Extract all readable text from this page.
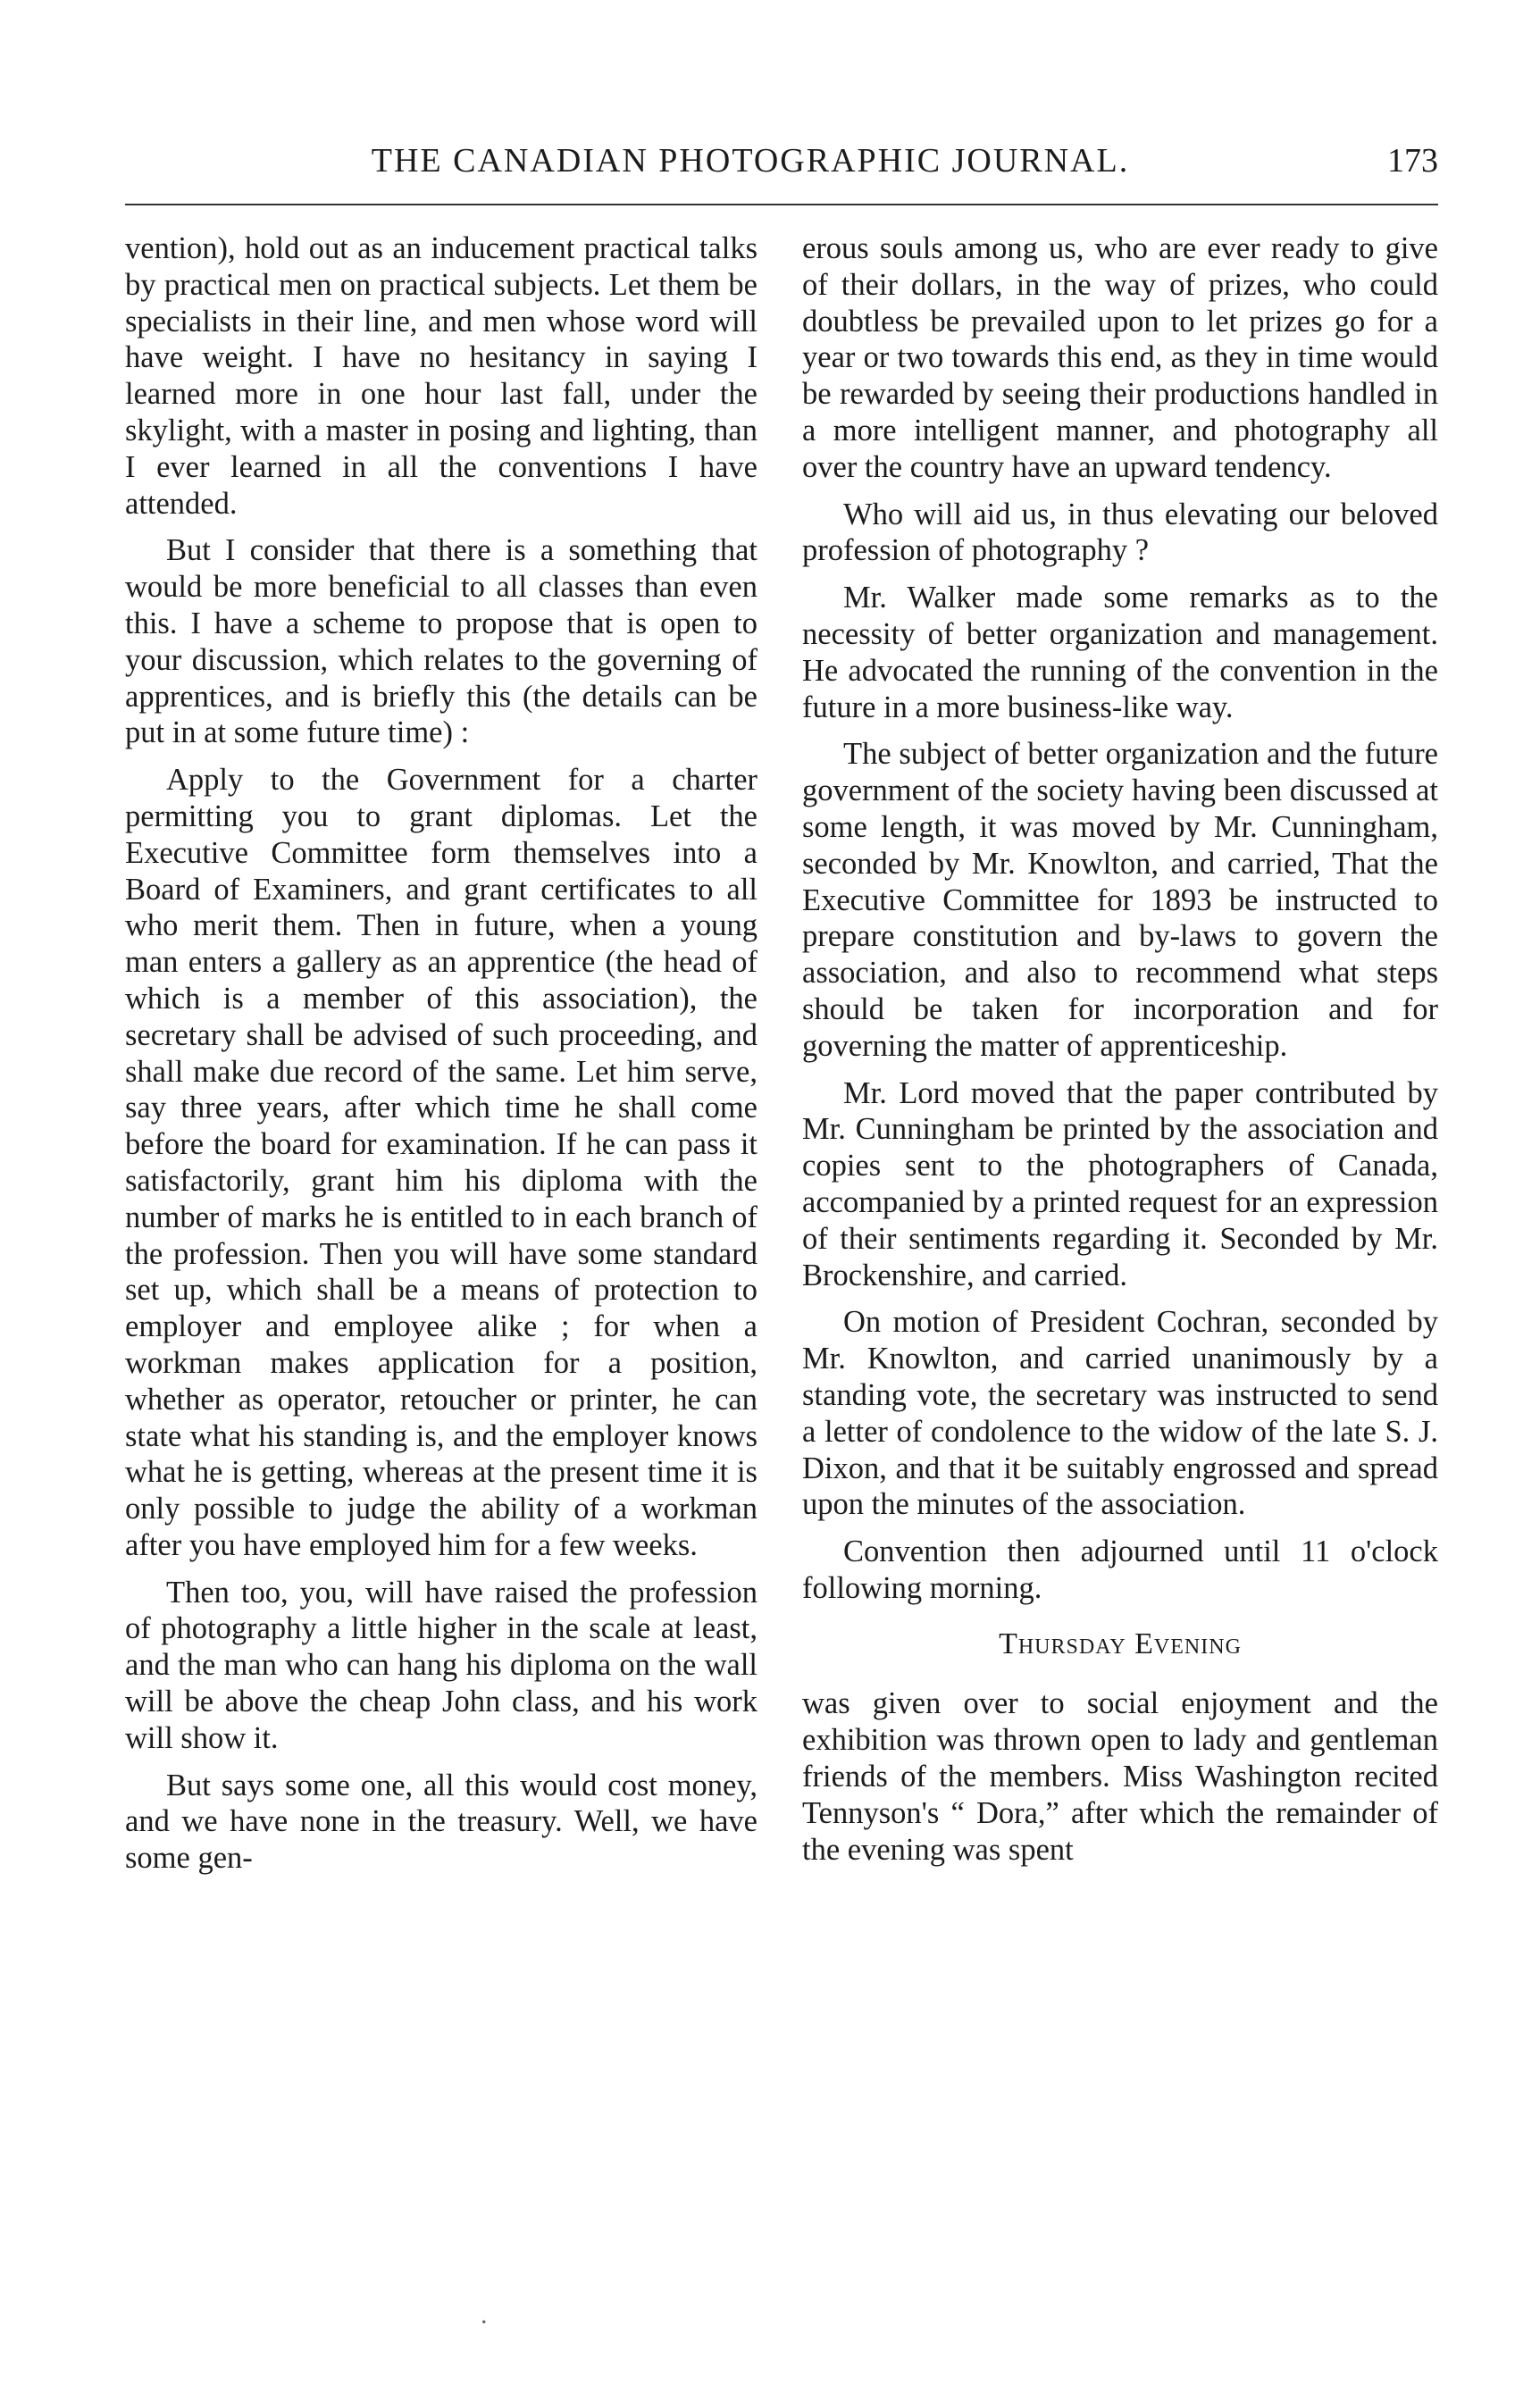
THE CANADIAN PHOTOGRAPHIC JOURNAL.	173

vention), hold out as an inducement practical talks by practical men on practical subjects. Let them be specialists in their line, and men whose word will have weight. I have no hesitancy in saying I learned more in one hour last fall, under the skylight, with a master in posing and lighting, than I ever learned in all the conventions I have attended.

But I consider that there is a something that would be more beneficial to all classes than even this. I have a scheme to propose that is open to your discussion, which relates to the governing of apprentices, and is briefly this (the details can be put in at some future time) :

Apply to the Government for a charter permitting you to grant diplomas. Let the Executive Committee form themselves into a Board of Examiners, and grant certificates to all who merit them. Then in future, when a young man enters a gallery as an apprentice (the head of which is a member of this association), the secretary shall be advised of such proceeding, and shall make due record of the same. Let him serve, say three years, after which time he shall come before the board for examination. If he can pass it satisfactorily, grant him his diploma with the number of marks he is entitled to in each branch of the profession. Then you will have some standard set up, which shall be a means of protection to employer and employee alike ; for when a workman makes application for a position, whether as operator, retoucher or printer, he can state what his standing is, and the employer knows what he is getting, whereas at the present time it is only possible to judge the ability of a workman after you have employed him for a few weeks.

Then too, you, will have raised the profession of photography a little higher in the scale at least, and the man who can hang his diploma on the wall will be above the cheap John class, and his work will show it.

But says some one, all this would cost money, and we have none in the treasury. Well, we have some gen-

erous souls among us, who are ever ready to give of their dollars, in the way of prizes, who could doubtless be prevailed upon to let prizes go for a year or two towards this end, as they in time would be rewarded by seeing their productions handled in a more intelligent manner, and photography all over the country have an upward tendency.

Who will aid us, in thus elevating our beloved profession of photography ?

Mr. Walker made some remarks as to the necessity of better organization and management. He advocated the running of the convention in the future in a more business-like way.

The subject of better organization and the future government of the society having been discussed at some length, it was moved by Mr. Cunningham, seconded by Mr. Knowlton, and carried, That the Executive Committee for 1893 be instructed to prepare constitution and by-laws to govern the association, and also to recommend what steps should be taken for incorporation and for governing the matter of apprenticeship.

Mr. Lord moved that the paper contributed by Mr. Cunningham be printed by the association and copies sent to the photographers of Canada, accompanied by a printed request for an expression of their sentiments regarding it. Seconded by Mr. Brockenshire, and carried.

On motion of President Cochran, seconded by Mr. Knowlton, and carried unanimously by a standing vote, the secretary was instructed to send a letter of condolence to the widow of the late S. J. Dixon, and that it be suitably engrossed and spread upon the minutes of the association.

Convention then adjourned until 11 o'clock following morning.

Thursday Evening

was given over to social enjoyment and the exhibition was thrown open to lady and gentleman friends of the members. Miss Washington recited Tennyson's “ Dora,” after which the remainder of the evening was spent

.
